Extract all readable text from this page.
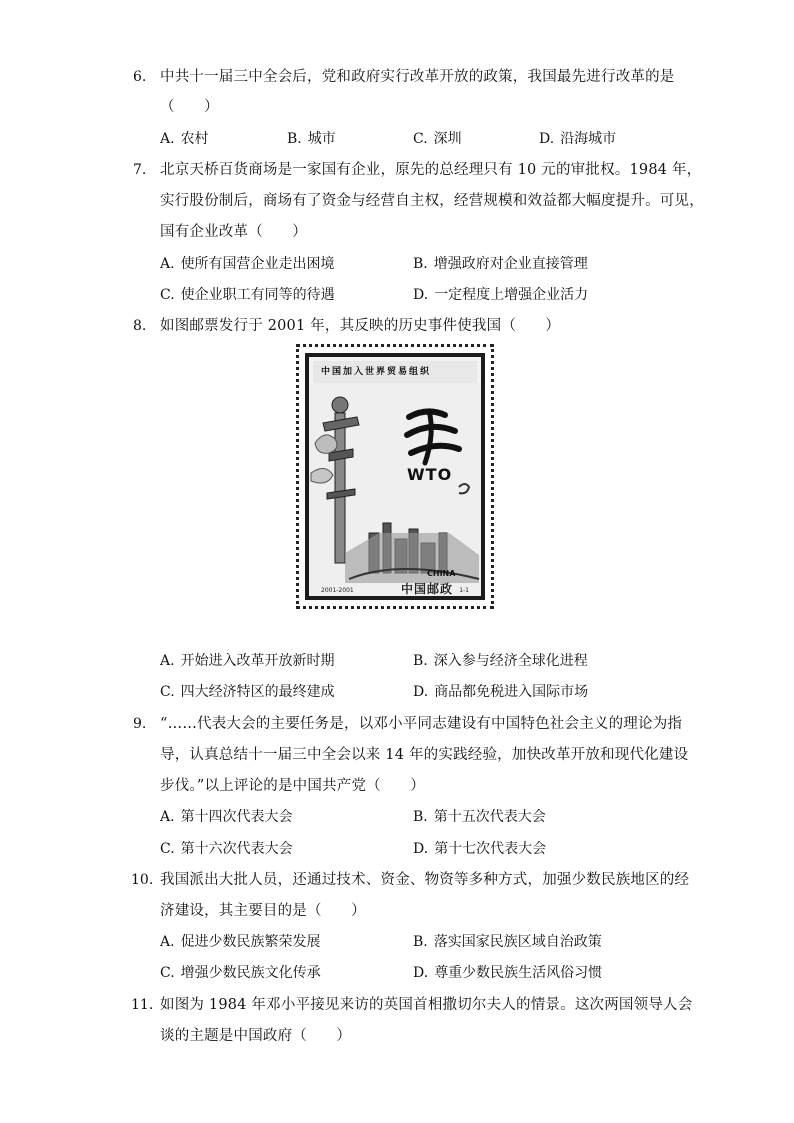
6. 中共十一届三中全会后，党和政府实行改革开放的政策，我国最先进行改革的是
（　　）
A. 农村	B. 城市	C. 深圳	D. 沿海城市
7. 北京天桥百货商场是一家国有企业，原先的总经理只有 10 元的审批权。1984 年，
实行股份制后，商场有了资金与经营自主权，经营规模和效益都大幅度提升。可见，
国有企业改革（　　）
A. 使所有国营企业走出困境	B. 增强政府对企业直接管理
C. 使企业职工有同等的待遇	D. 一定程度上增强企业活力
8. 如图邮票发行于 2001 年，其反映的历史事件使我国（　　）
中国加入世界贸易组织
WTO
CHINA
中国邮政
2001-2001	1-1
A. 开始进入改革开放新时期	B. 深入参与经济全球化进程
C. 四大经济特区的最终建成	D. 商品都免税进入国际市场
9. “……代表大会的主要任务是，以邓小平同志建设有中国特色社会主义的理论为指
导，认真总结十一届三中全会以来 14 年的实践经验，加快改革开放和现代化建设
步伐。”以上评论的是中国共产党（　　）
A. 第十四次代表大会	B. 第十五次代表大会
C. 第十六次代表大会	D. 第十七次代表大会
10. 我国派出大批人员，还通过技术、资金、物资等多种方式，加强少数民族地区的经
济建设，其主要目的是（　　）
A. 促进少数民族繁荣发展	B. 落实国家民族区域自治政策
C. 增强少数民族文化传承	D. 尊重少数民族生活风俗习惯
11. 如图为 1984 年邓小平接见来访的英国首相撒切尔夫人的情景。这次两国领导人会
谈的主题是中国政府（　　）
